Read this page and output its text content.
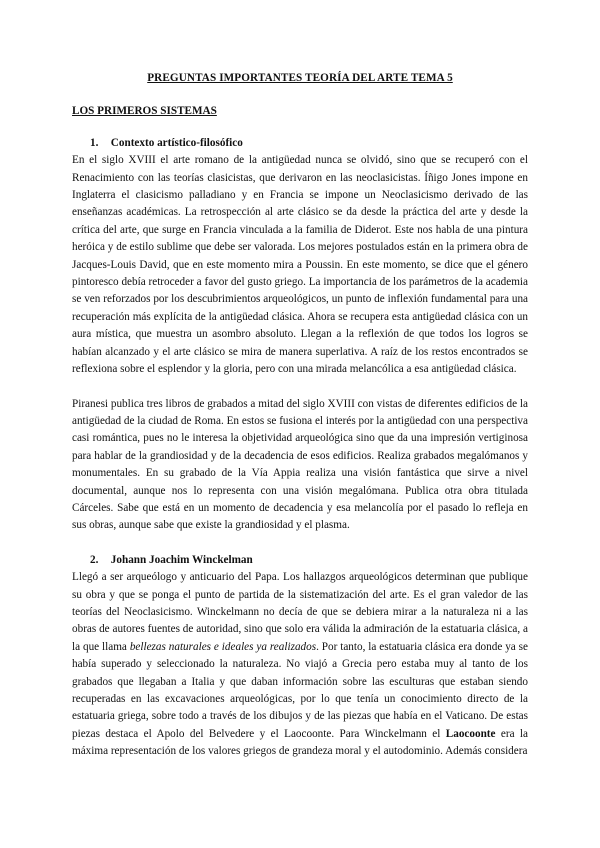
PREGUNTAS IMPORTANTES TEORÍA DEL ARTE TEMA 5
LOS PRIMEROS SISTEMAS
1. Contexto artístico-filosófico

En el siglo XVIII el arte romano de la antigüedad nunca se olvidó, sino que se recuperó con el Renacimiento con las teorías clasicistas, que derivaron en las neoclasicistas. Íñigo Jones impone en Inglaterra el clasicismo palladiano y en Francia se impone un Neoclasicismo derivado de las enseñanzas académicas. La retrospección al arte clásico se da desde la práctica del arte y desde la crítica del arte, que surge en Francia vinculada a la familia de Diderot. Este nos habla de una pintura heróica y de estilo sublime que debe ser valorada. Los mejores postulados están en la primera obra de Jacques-Louis David, que en este momento mira a Poussin. En este momento, se dice que el género pintoresco debía retroceder a favor del gusto griego. La importancia de los parámetros de la academia se ven reforzados por los descubrimientos arqueológicos, un punto de inflexión fundamental para una recuperación más explícita de la antigüedad clásica. Ahora se recupera esta antigüedad clásica con un aura mística, que muestra un asombro absoluto. Llegan a la reflexión de que todos los logros se habían alcanzado y el arte clásico se mira de manera superlativa. A raíz de los restos encontrados se reflexiona sobre el esplendor y la gloria, pero con una mirada melancólica a esa antigüedad clásica.

Piranesi publica tres libros de grabados a mitad del siglo XVIII con vistas de diferentes edificios de la antigüedad de la ciudad de Roma. En estos se fusiona el interés por la antigüedad con una perspectiva casi romántica, pues no le interesa la objetividad arqueológica sino que da una impresión vertiginosa para hablar de la grandiosidad y de la decadencia de esos edificios. Realiza grabados megalómanos y monumentales. En su grabado de la Vía Appia realiza una visión fantástica que sirve a nivel documental, aunque nos lo representa con una visión megalómana. Publica otra obra titulada Cárceles. Sabe que está en un momento de decadencia y esa melancolía por el pasado lo refleja en sus obras, aunque sabe que existe la grandiosidad y el plasma.

2. Johann Joachim Winckelman

Llegó a ser arqueólogo y anticuario del Papa. Los hallazgos arqueológicos determinan que publique su obra y que se ponga el punto de partida de la sistematización del arte. Es el gran valedor de las teorías del Neoclasicismo. Winckelmann no decía de que se debiera mirar a la naturaleza ni a las obras de autores fuentes de autoridad, sino que solo era válida la admiración de la estatuaria clásica, a la que llama bellezas naturales e ideales ya realizados. Por tanto, la estatuaria clásica era donde ya se había superado y seleccionado la naturaleza. No viajó a Grecia pero estaba muy al tanto de los grabados que llegaban a Italia y que daban información sobre las esculturas que estaban siendo recuperadas en las excavaciones arqueológicas, por lo que tenía un conocimiento directo de la estatuaria griega, sobre todo a través de los dibujos y de las piezas que había en el Vaticano. De estas piezas destaca el Apolo del Belvedere y el Laocoonte. Para Winckelmann el Laocoonte era la máxima representación de los valores griegos de grandeza moral y el autodominio. Además considera
